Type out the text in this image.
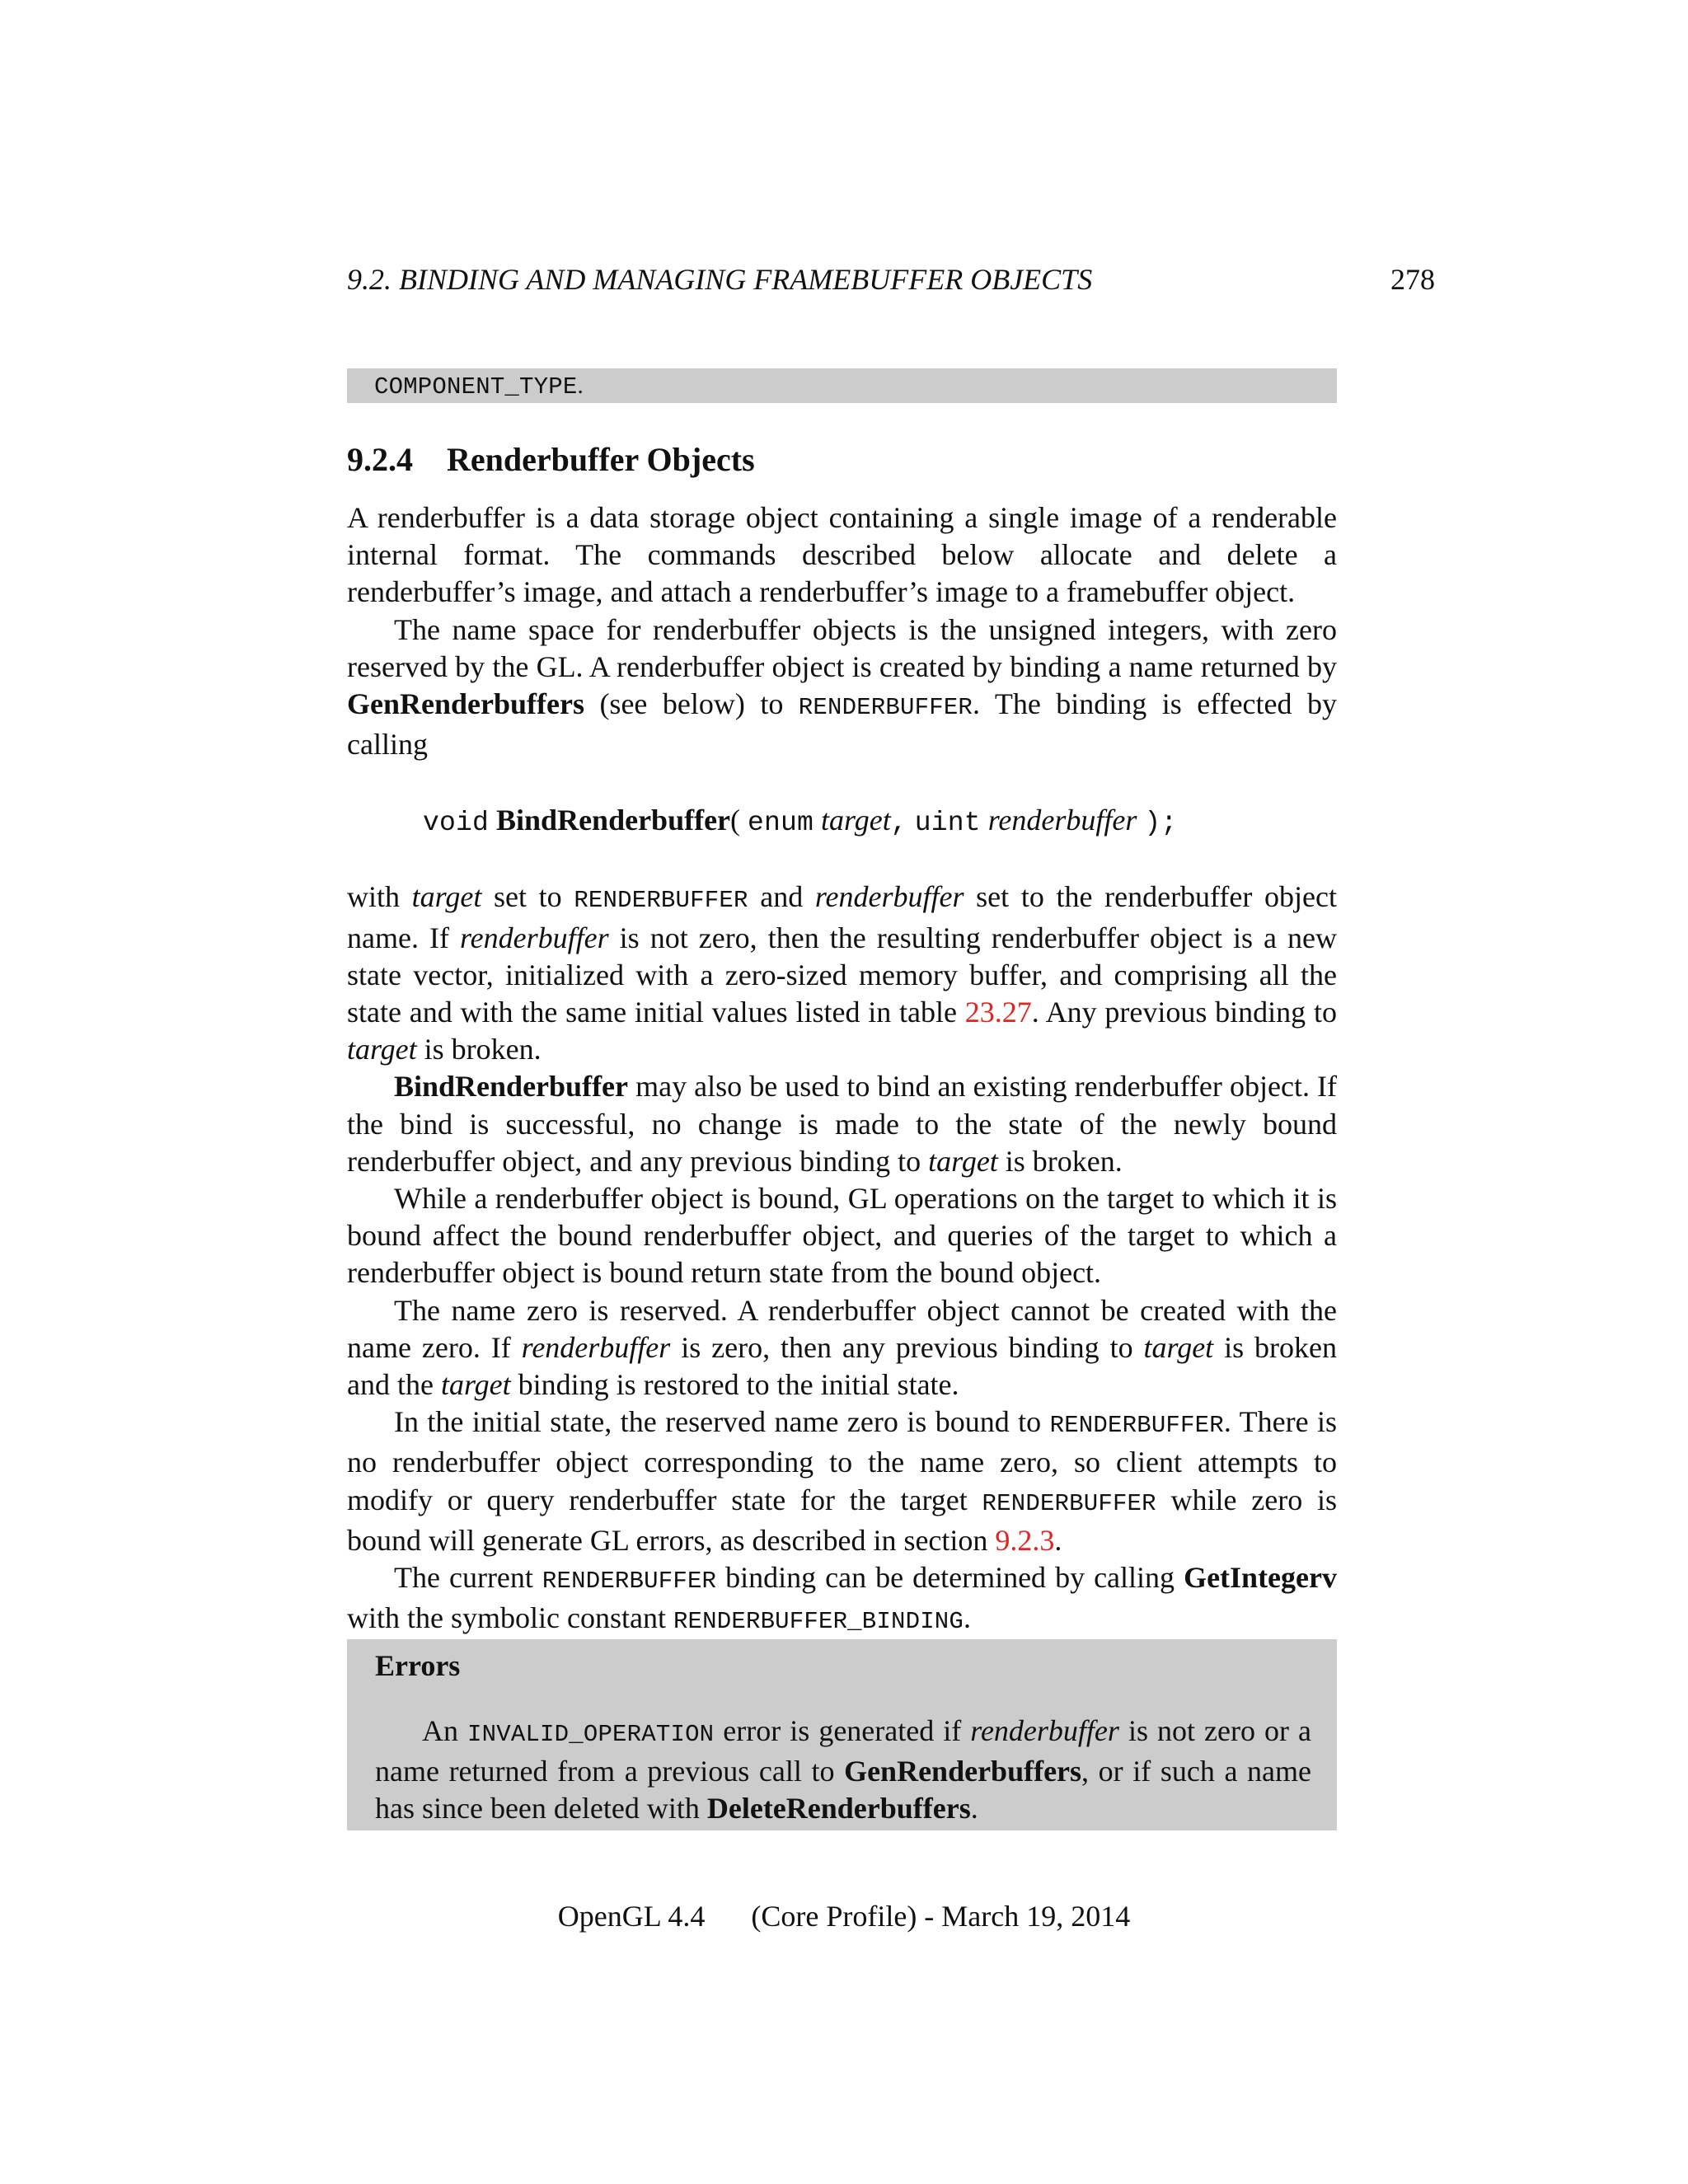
9.2. BINDING AND MANAGING FRAMEBUFFER OBJECTS	278
COMPONENT_TYPE.
9.2.4 Renderbuffer Objects

A renderbuffer is a data storage object containing a single image of a renderable internal format. The commands described below allocate and delete a renderbuffer’s image, and attach a renderbuffer’s image to a framebuffer object.

The name space for renderbuffer objects is the unsigned integers, with zero reserved by the GL. A renderbuffer object is created by binding a name returned by GenRenderbuffers (see below) to RENDERBUFFER. The binding is effected by calling

void BindRenderbuffer( enum target, uint renderbuffer );

with target set to RENDERBUFFER and renderbuffer set to the renderbuffer object name. If renderbuffer is not zero, then the resulting renderbuffer object is a new state vector, initialized with a zero-sized memory buffer, and comprising all the state and with the same initial values listed in table 23.27. Any previous binding to target is broken.

BindRenderbuffer may also be used to bind an existing renderbuffer object. If the bind is successful, no change is made to the state of the newly bound renderbuffer object, and any previous binding to target is broken.

While a renderbuffer object is bound, GL operations on the target to which it is bound affect the bound renderbuffer object, and queries of the target to which a renderbuffer object is bound return state from the bound object.

The name zero is reserved. A renderbuffer object cannot be created with the name zero. If renderbuffer is zero, then any previous binding to target is broken and the target binding is restored to the initial state.

In the initial state, the reserved name zero is bound to RENDERBUFFER. There is no renderbuffer object corresponding to the name zero, so client attempts to modify or query renderbuffer state for the target RENDERBUFFER while zero is bound will generate GL errors, as described in section 9.2.3.

The current RENDERBUFFER binding can be determined by calling GetIntegerv with the symbolic constant RENDERBUFFER_BINDING.

Errors
An INVALID_OPERATION error is generated if renderbuffer is not zero or a name returned from a previous call to GenRenderbuffers, or if such a name has since been deleted with DeleteRenderbuffers.
OpenGL 4.4 (Core Profile) - March 19, 2014
